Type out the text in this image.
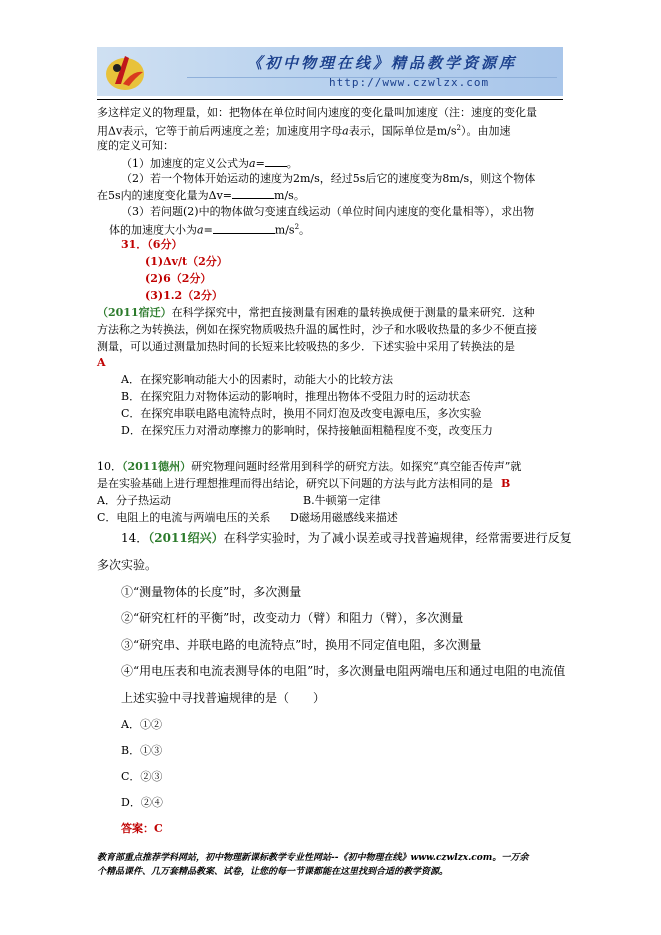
《初中物理在线》精品教学资源库
http://www.czwlzx.com
多这样定义的物理量，如：把物体在单位时间内速度的变化量叫加速度（注：速度的变化量
用Δv表示，它等于前后两速度之差；加速度用字母a表示，国际单位是$m/s^2$）。由加速
度的定义可知：
（1）加速度的定义公式为a= 。
（2）若一个物体开始运动的速度为2m/s，经过5s后它的速度变为8m/s，则这个物体
在5s内的速度变化量为Δv=	m/s。
（3）若问题(2)中的物体做匀变速直线运动（单位时间内速度的变化量相等），求出物
体的加速度大小为a=	$m/s^2$。
31．（6分）
(1)Δv/t（2分）
(2)6（2分）
(3)1.2（2分）
（2011宿迁）在科学探究中，常把直接测量有困难的量转换成便于测量的量来研究．这种
方法称之为转换法，例如在探究物质吸热升温的属性时，沙子和水吸收热量的多少不便直接
测量，可以通过测量加热时间的长短来比较吸热的多少．下述实验中采用了转换法的是
A
A．在探究影响动能大小的因素时，动能大小的比较方法
B．在探究阻力对物体运动的影响时，推理出物体不受阻力时的运动状态
C．在探究串联电路电流特点时，换用不同灯泡及改变电源电压，多次实验
D．在探究压力对滑动摩擦力的影响时，保持接触面粗糙程度不变，改变压力
10．（2011德州）研究物理问题时经常用到科学的研究方法。如探究“真空能否传声”就
是在实验基础上进行理想推理而得出结论，研究以下问题的方法与此方法相同的是 B
A．分子热运动	B.牛顿第一定律
C．电阻上的电流与两端电压的关系 D磁场用磁感线来描述
14．（2011绍兴）在科学实验时，为了减小误差或寻找普遍规律，经常需要进行反复
多次实验。
①“测量物体的长度”时，多次测量
②“研究杠杆的平衡”时，改变动力（臂）和阻力（臂），多次测量
③“研究串、并联电路的电流特点”时，换用不同定值电阻，多次测量
④“用电压表和电流表测导体的电阻”时，多次测量电阻两端电压和通过电阻的电流值
上述实验中寻找普遍规律的是（　　）
A．①②
B．①③
C．②③
D．②④
答案：C
教育部重点推荐学科网站，初中物理新课标教学专业性网站--《初中物理在线》www.czwlzx.com。一万余
个精品课件、几万套精品教案、试卷，让您的每一节课都能在这里找到合适的教学资源。
